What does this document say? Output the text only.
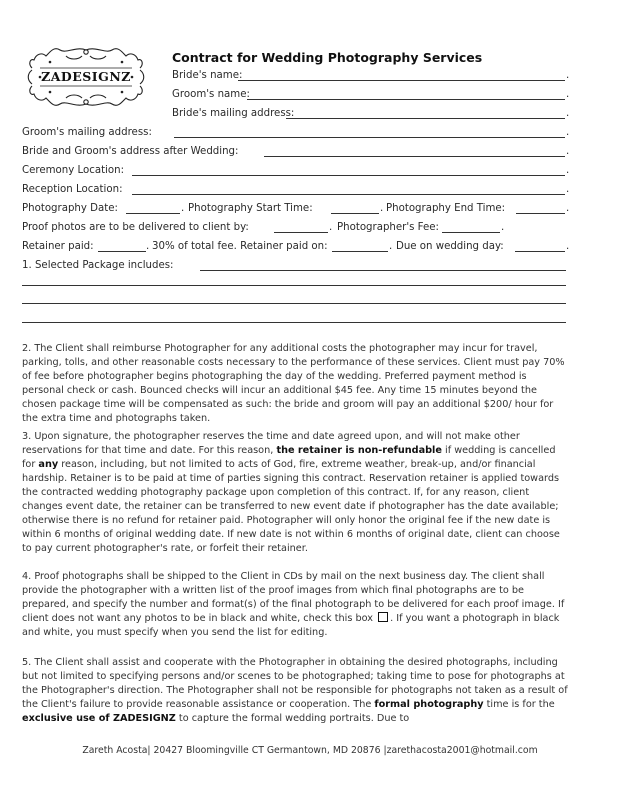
ZADESIGNZ
Contract for Wedding Photography Services
Bride's name:	.
Groom's name:	.
Bride's mailing address:	.
Groom's mailing address:	.
Bride and Groom's address after Wedding:	.
Ceremony Location:	.
Reception Location:	.
Photography Date:	. Photography Start Time:	. Photography End Time:	.
Proof photos are to be delivered to client by:	. Photographer's Fee:	.
Retainer paid:	. 30% of total fee. Retainer paid on:	. Due on wedding day:	.
1. Selected Package includes:
2. The Client shall reimburse Photographer for any additional costs the photographer may incur for travel, parking, tolls, and other reasonable costs necessary to the performance of these services. Client must pay 70% of fee before photographer begins photographing the day of the wedding. Preferred payment method is personal check or cash. Bounced checks will incur an additional $45 fee. Any time 15 minutes beyond the chosen package time will be compensated as such: the bride and groom will pay an additional $200/ hour for the extra time and photographs taken.
3. Upon signature, the photographer reserves the time and date agreed upon, and will not make other reservations for that time and date. For this reason, the retainer is non-refundable if wedding is cancelled for any reason, including, but not limited to acts of God, fire, extreme weather, break-up, and/or financial hardship. Retainer is to be paid at time of parties signing this contract. Reservation retainer is applied towards the contracted wedding photography package upon completion of this contract. If, for any reason, client changes event date, the retainer can be transferred to new event date if photographer has the date available; otherwise there is no refund for retainer paid. Photographer will only honor the original fee if the new date is within 6 months of original wedding date. If new date is not within 6 months of original date, client can choose to pay current photographer's rate, or forfeit their retainer.
4. Proof photographs shall be shipped to the Client in CDs by mail on the next business day. The client shall provide the photographer with a written list of the proof images from which final photographs are to be prepared, and specify the number and format(s) of the final photograph to be delivered for each proof image. If client does not want any photos to be in black and white, check this box . If you want a photograph in black and white, you must specify when you send the list for editing.
5. The Client shall assist and cooperate with the Photographer in obtaining the desired photographs, including but not limited to specifying persons and/or scenes to be photographed; taking time to pose for photographs at the Photographer's direction. The Photographer shall not be responsible for photographs not taken as a result of the Client's failure to provide reasonable assistance or cooperation. The formal photography time is for the exclusive use of ZADESIGNZ to capture the formal wedding portraits. Due to
Zareth Acosta| 20427 Bloomingville CT Germantown, MD 20876 |zarethacosta2001@hotmail.com
